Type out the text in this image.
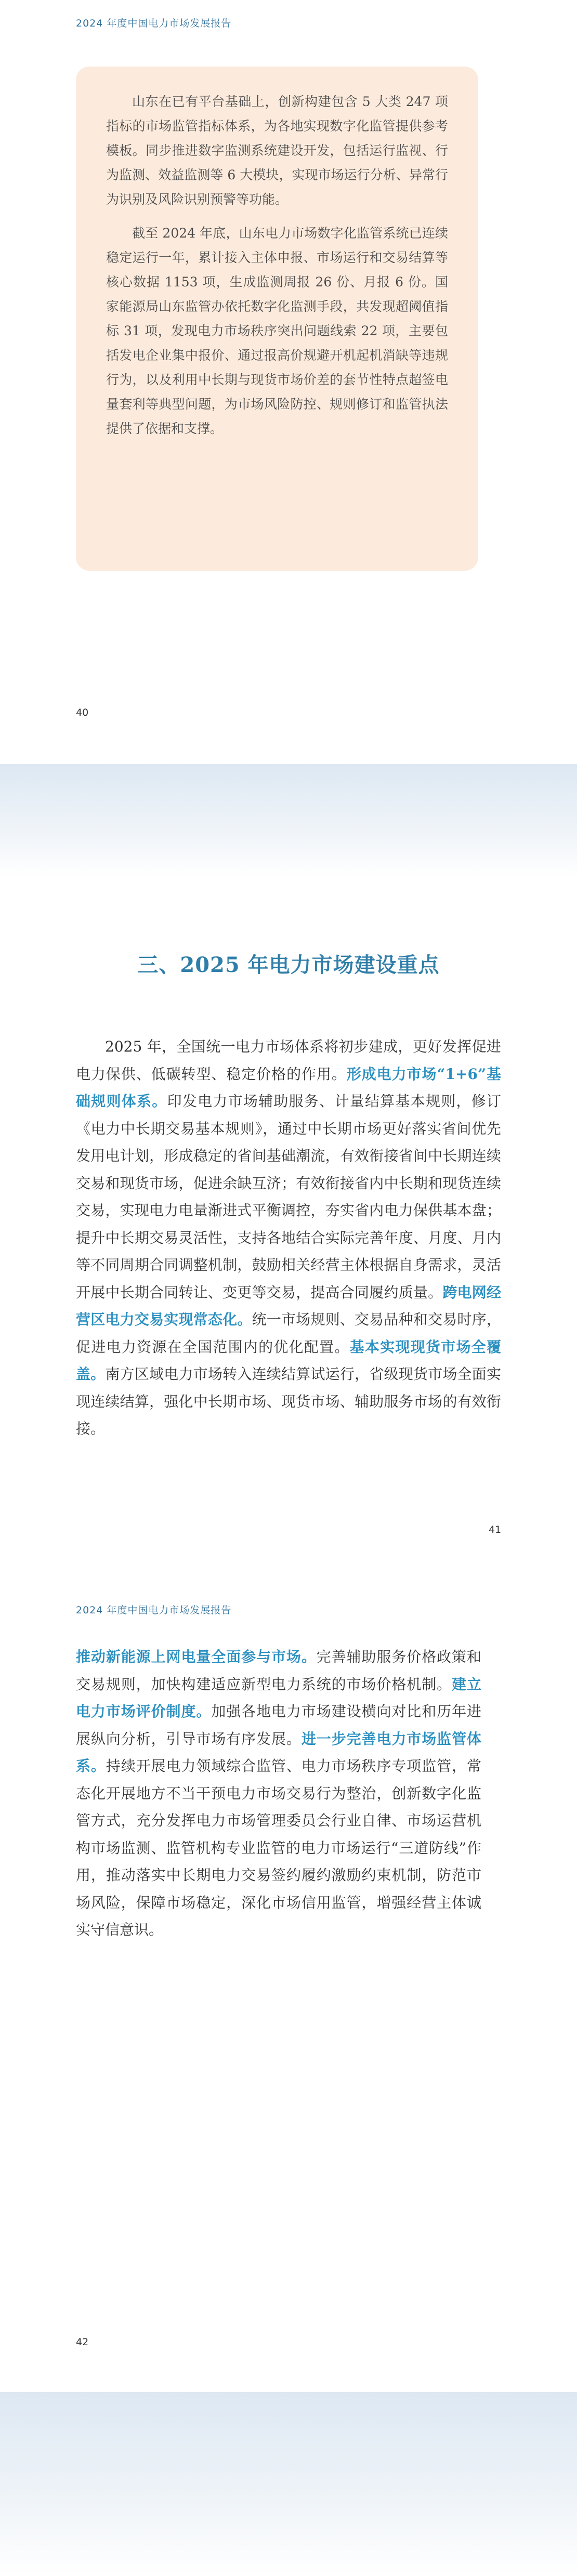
2024 年度中国电力市场发展报告

山东在已有平台基础上，创新构建包含 5 大类 247 项指标的市场监管指标体系，为各地实现数字化监管提供参考模板。同步推进数字监测系统建设开发，包括运行监视、行为监测、效益监测等 6 大模块，实现市场运行分析、异常行为识别及风险识别预警等功能。

截至 2024 年底，山东电力市场数字化监管系统已连续稳定运行一年，累计接入主体申报、市场运行和交易结算等核心数据 1153 项，生成监测周报 26 份、月报 6 份。国家能源局山东监管办依托数字化监测手段，共发现超阈值指标 31 项，发现电力市场秩序突出问题线索 22 项，主要包括发电企业集中报价、通过报高价规避开机起机消缺等违规行为，以及利用中长期与现货市场价差的套节性特点超签电量套利等典型问题，为市场风险防控、规则修订和监管执法提供了依据和支撑。

40
三、2025 年电力市场建设重点
2025 年，全国统一电力市场体系将初步建成，更好发挥促进电力保供、低碳转型、稳定价格的作用。形成电力市场“1+6”基础规则体系。印发电力市场辅助服务、计量结算基本规则，修订《电力中长期交易基本规则》，通过中长期市场更好落实省间优先发用电计划，形成稳定的省间基础潮流，有效衔接省间中长期连续交易和现货市场，促进余缺互济；有效衔接省内中长期和现货连续交易，实现电力电量渐进式平衡调控，夯实省内电力保供基本盘；提升中长期交易灵活性，支持各地结合实际完善年度、月度、月内等不同周期合同调整机制，鼓励相关经营主体根据自身需求，灵活开展中长期合同转让、变更等交易，提高合同履约质量。跨电网经营区电力交易实现常态化。统一市场规则、交易品种和交易时序，促进电力资源在全国范围内的优化配置。基本实现现货市场全覆盖。南方区域电力市场转入连续结算试运行，省级现货市场全面实现连续结算，强化中长期市场、现货市场、辅助服务市场的有效衔接。
41
2024 年度中国电力市场发展报告
推动新能源上网电量全面参与市场。完善辅助服务价格政策和交易规则，加快构建适应新型电力系统的市场价格机制。建立电力市场评价制度。加强各地电力市场建设横向对比和历年进展纵向分析，引导市场有序发展。进一步完善电力市场监管体系。持续开展电力领域综合监管、电力市场秩序专项监管，常态化开展地方不当干预电力市场交易行为整治，创新数字化监管方式，充分发挥电力市场管理委员会行业自律、市场运营机构市场监测、监管机构专业监管的电力市场运行“三道防线”作用，推动落实中长期电力交易签约履约激励约束机制，防范市场风险，保障市场稳定，深化市场信用监管，增强经营主体诚实守信意识。
42
